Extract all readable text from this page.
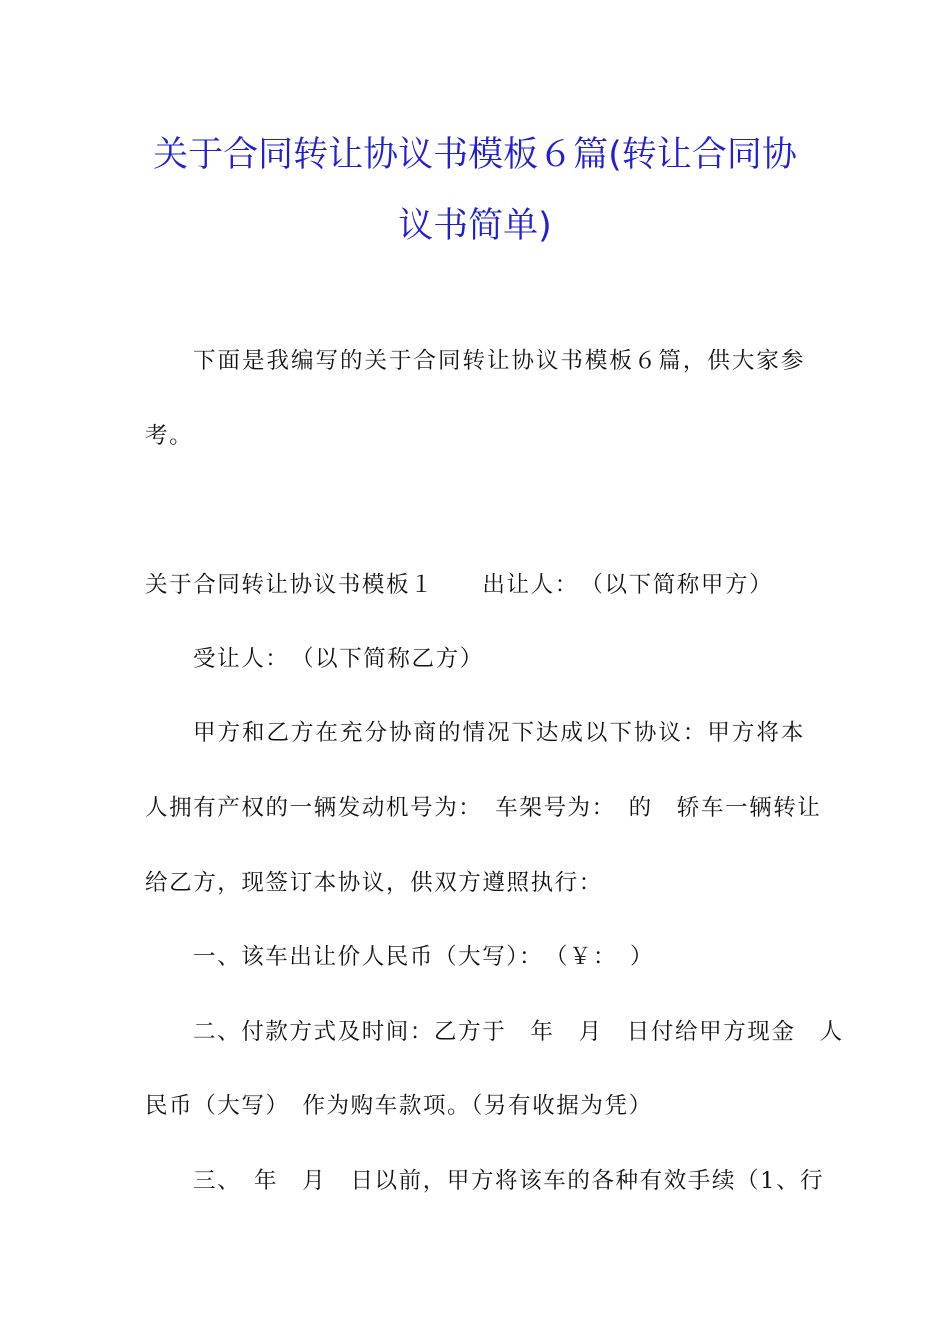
关于合同转让协议书模板６篇(转让合同协
议书简单)
下面是我编写的关于合同转让协议书模板６篇，供大家参
考。
关于合同转让协议书模板１　　出让人：　（以下简称甲方）
受让人：　（以下简称乙方）
甲方和乙方在充分协商的情况下达成以下协议：甲方将本
人拥有产权的一辆发动机号为：　车架号为：　的　轿车一辆转让
给乙方，现签订本协议，供双方遵照执行：
一、该车出让价人民币（大写）：　（￥：　）
二、付款方式及时间：乙方于　年　月　日付给甲方现金　人
民币（大写）　作为购车款项。（另有收据为凭）
三、　年　月　日以前，甲方将该车的各种有效手续（1、行
